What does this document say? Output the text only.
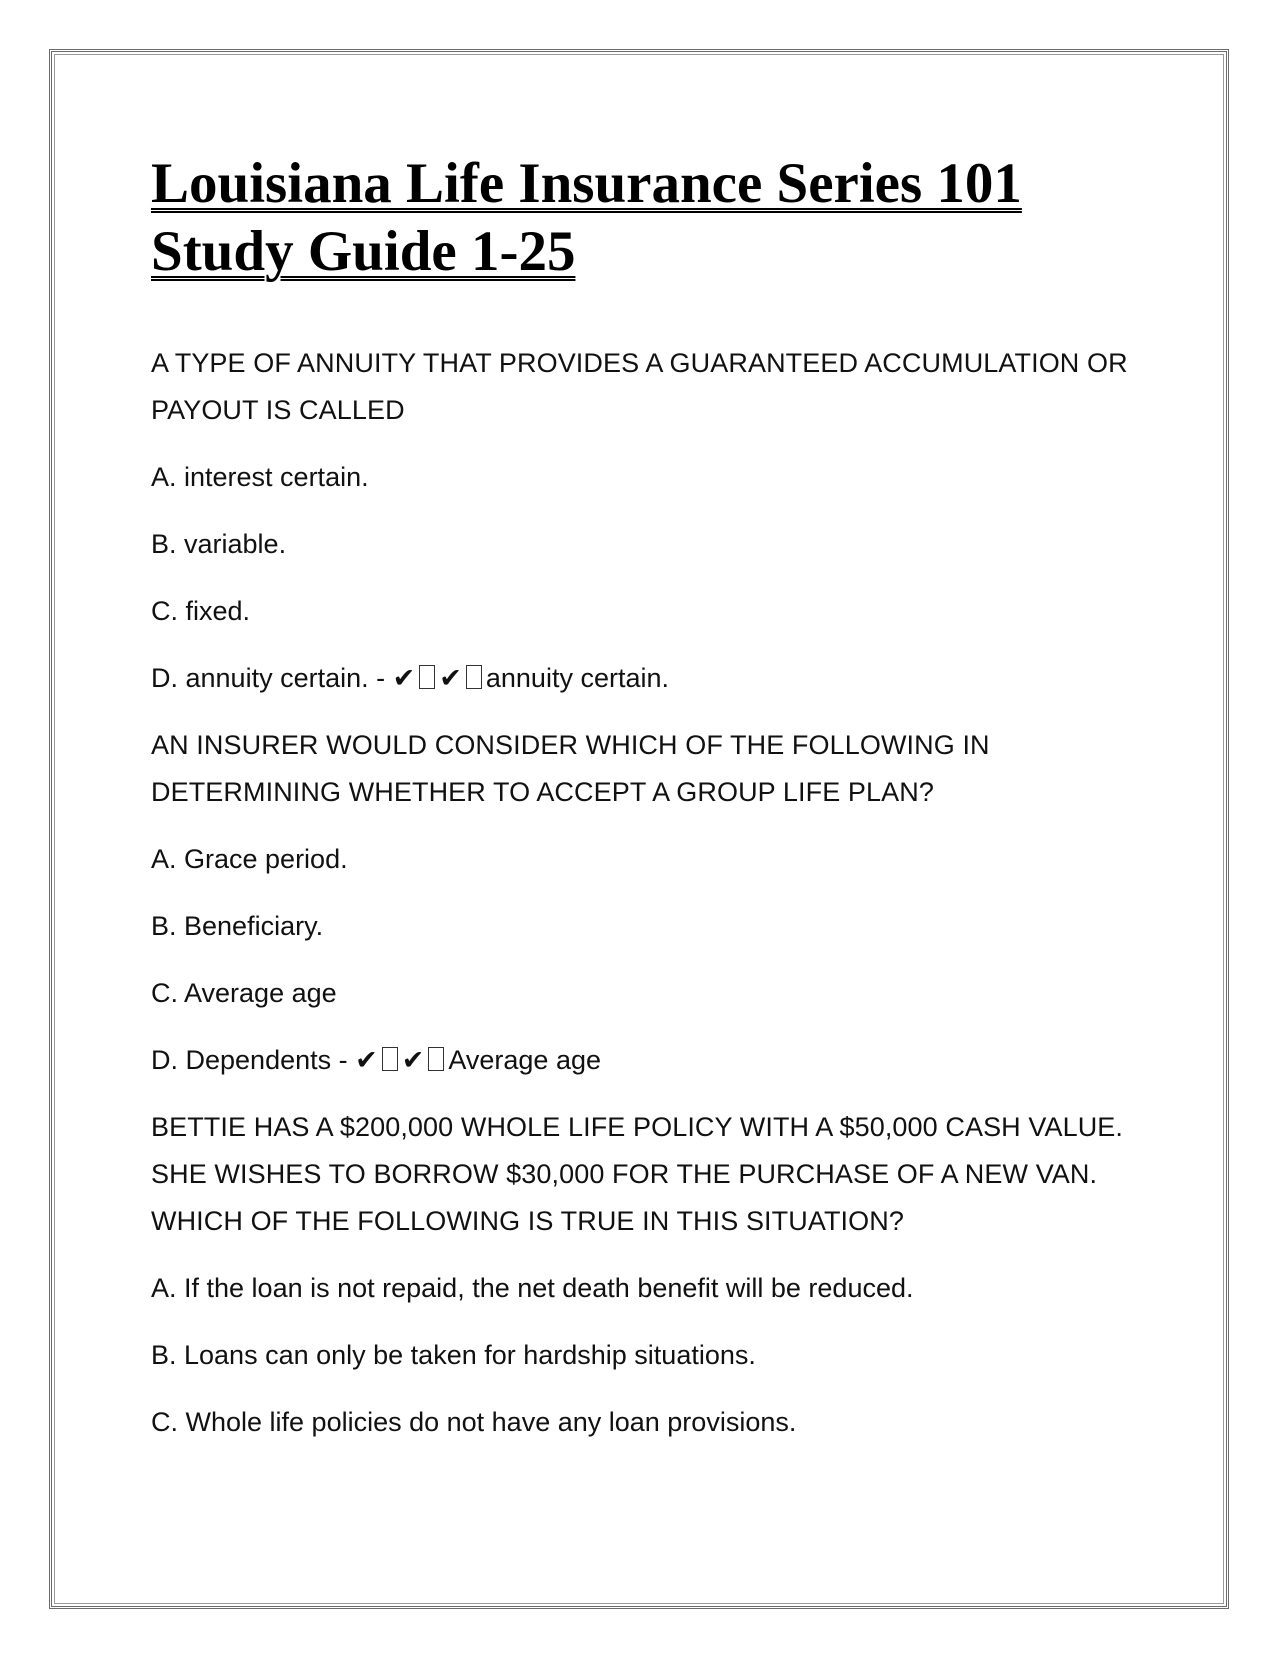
Louisiana Life Insurance Series 101
Study Guide 1-25

A TYPE OF ANNUITY THAT PROVIDES A GUARANTEED ACCUMULATION OR PAYOUT IS CALLED

A. interest certain.

B. variable.

C. fixed.

D. annuity certain. - ✔ ✔ annuity certain.

AN INSURER WOULD CONSIDER WHICH OF THE FOLLOWING IN DETERMINING WHETHER TO ACCEPT A GROUP LIFE PLAN?

A. Grace period.

B. Beneficiary.

C. Average age

D. Dependents - ✔ ✔ Average age

BETTIE HAS A $200,000 WHOLE LIFE POLICY WITH A $50,000 CASH VALUE. SHE WISHES TO BORROW $30,000 FOR THE PURCHASE OF A NEW VAN. WHICH OF THE FOLLOWING IS TRUE IN THIS SITUATION?

A. If the loan is not repaid, the net death benefit will be reduced.

B. Loans can only be taken for hardship situations.

C. Whole life policies do not have any loan provisions.
